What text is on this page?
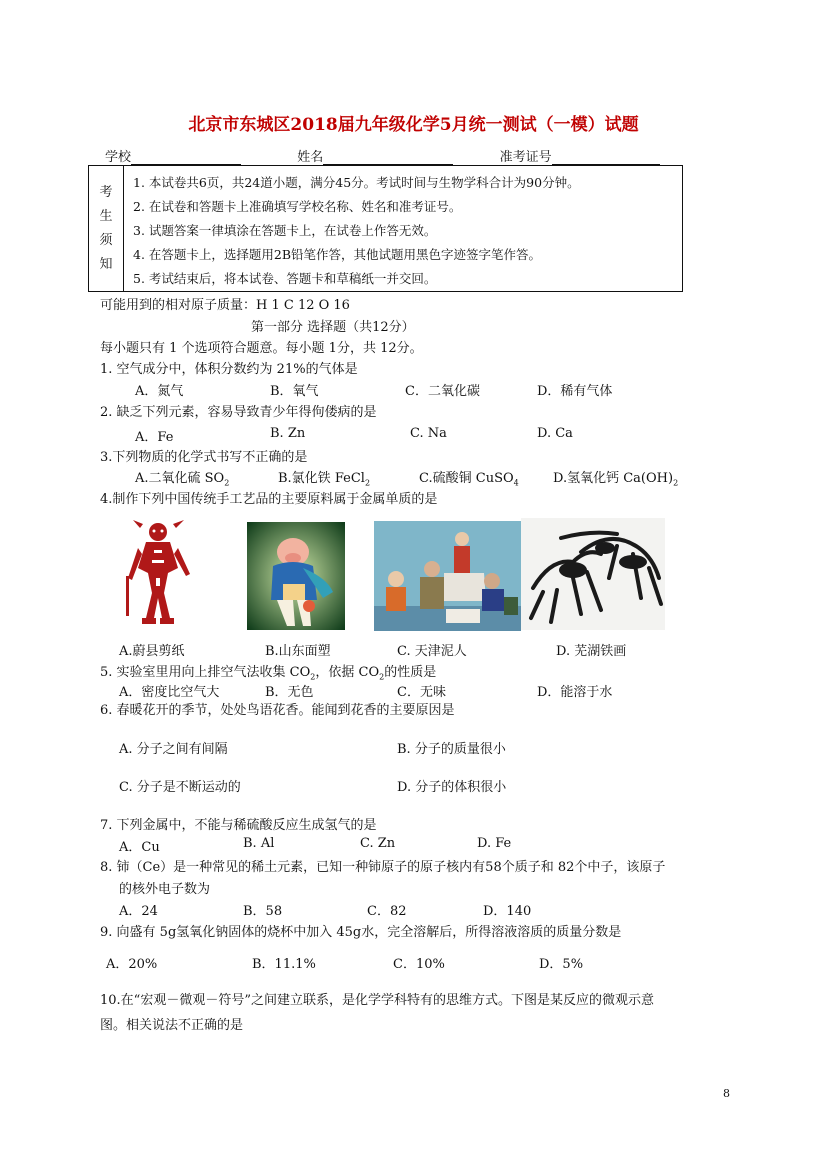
北京市东城区2018届九年级化学5月统一测试（一模）试题
学校	姓名	准考证号
考
生
须
知
1. 本试卷共6页，共24道小题，满分45分。考试时间与生物学科合计为90分钟。
2. 在试卷和答题卡上准确填写学校名称、姓名和准考证号。
3. 试题答案一律填涂在答题卡上，在试卷上作答无效。
4. 在答题卡上，选择题用2B铅笔作答，其他试题用黑色字迹签字笔作答。
5. 考试结束后，将本试卷、答题卡和草稿纸一并交回。
可能用到的相对原子质量：H 1 C 12 O 16
第一部分 选择题（共12分）
每小题只有 1 个选项符合题意。每小题 1分，共 12分。
1. 空气成分中，体积分数约为 21%的气体是
A．氮气	B．氧气	C．二氧化碳	D．稀有气体
2. 缺乏下列元素，容易导致青少年得佝偻病的是
A．Fe	B. Zn	C. Na	D. Ca
3.下列物质的化学式书写不正确的是
A.二氧化硫 $SO_2$	B.氯化铁 FeCl$_2$	C.硫酸铜 CuSO$_4$	D.氢氧化钙 $Ca(OH)_2$
4.制作下列中国传统手工艺品的主要原料属于金属单质的是
A.蔚县剪纸	B.山东面塑	C. 天津泥人	D. 芜湖铁画
5. 实验室里用向上排空气法收集 $CO_2$，依据 $CO_2$的性质是
A．密度比空气大	B．无色	C．无味	D．能溶于水
6. 春暖花开的季节，处处鸟语花香。能闻到花香的主要原因是
A. 分子之间有间隔	B. 分子的质量很小
C. 分子是不断运动的	D. 分子的体积很小
7. 下列金属中，不能与稀硫酸反应生成氢气的是
A．Cu	B. Al	C. Zn	D. Fe
8. 铈（Ce）是一种常见的稀土元素，已知一种铈原子的原子核内有58个质子和 82个中子，该原子
的核外电子数为
A．24	B．58	C．82	D．140
9. 向盛有 5g氢氧化钠固体的烧杯中加入 45g水，完全溶解后，所得溶液溶质的质量分数是
A．20%	B．11.1%	C．10%	D．5%
10.在“宏观－微观－符号”之间建立联系，是化学学科特有的思维方式。下图是某反应的微观示意
图。相关说法不正确的是
8
